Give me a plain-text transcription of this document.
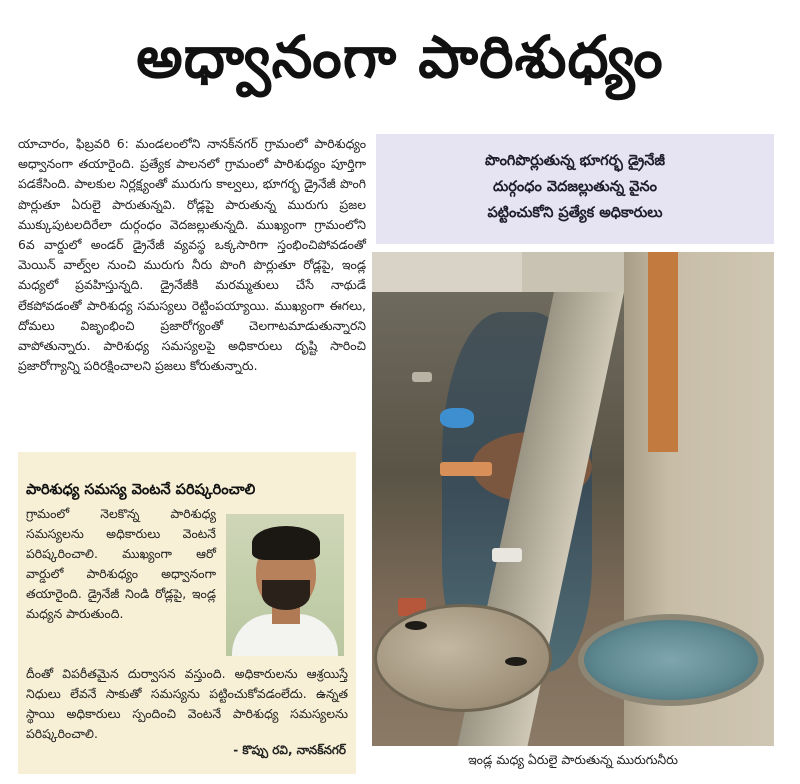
అధ్వానంగా పారిశుధ్యం
యాచారం, ఫిబ్రవరి 6: మండలంలోని నానక్‌నగర్ గ్రామంలో పారిశుధ్యం అధ్వానంగా తయారైంది. ప్రత్యేక పాలనలో గ్రామంలో పారిశుధ్యం పూర్తిగా పడకేసింది. పాలకుల నిర్లక్ష్యంతో మురుగు కాల్వలు, భూగర్భ డ్రైనేజీ పొంగి పొర్లుతూ ఏరులై పారుతున్నవి. రోడ్లపై పారుతున్న మురుగు ప్రజల ముక్కుపుటలదిరేలా దుర్గంధం వెదజల్లుతున్నది. ముఖ్యంగా గ్రామంలోని 6వ వార్డులో అండర్ డ్రైనేజీ వ్యవస్థ ఒక్కసారిగా స్తంభించిపోవడంతో మెయిన్ వాల్వ్‌ల నుంచి మురుగు నీరు పొంగి పొర్లుతూ రోడ్లపై, ఇండ్ల మధ్యలో ప్రవహిస్తున్నది. డ్రైనేజీకి మరమ్మతులు చేసే నాథుడే లేకపోవడంతో పారిశుధ్య సమస్యలు రెట్టింపయ్యాయి. ముఖ్యంగా ఈగలు, దోమలు విజృంభించి ప్రజారోగ్యంతో చెలగాటమాడుతున్నారని వాపోతున్నారు. పారిశుధ్య సమస్యలపై అధికారులు దృష్టి సారించి ప్రజారోగ్యాన్ని పరిరక్షించాలని ప్రజలు కోరుతున్నారు.
పొంగిపొర్లుతున్న భూగర్భ డ్రైనేజీ
దుర్గంధం వెదజల్లుతున్న వైనం
పట్టించుకోని ప్రత్యేక అధికారులు
ఇండ్ల మధ్య ఏరులై పారుతున్న మురుగునీరు
పారిశుధ్య సమస్య వెంటనే పరిష్కరించాలి
గ్రామంలో నెలకొన్న పారిశుధ్య సమస్యలను అధికారులు వెంటనే పరిష్కరించాలి. ముఖ్యంగా ఆరో వార్డులో పారిశుధ్యం అధ్వానంగా తయారైంది. డ్రైనేజీ నిండి రోడ్లపై, ఇండ్ల మధ్యన పారుతుంది.
దీంతో విపరీతమైన దుర్వాసన వస్తుంది. అధికారులను ఆశ్రయిస్తే నిధులు లేవనే సాకుతో సమస్యను పట్టించుకోవడంలేదు. ఉన్నత స్థాయి అధికారులు స్పందించి వెంటనే పారిశుధ్య సమస్యలను పరిష్కరించాలి.
- కొప్పు రవి, నానక్‌నగర్
